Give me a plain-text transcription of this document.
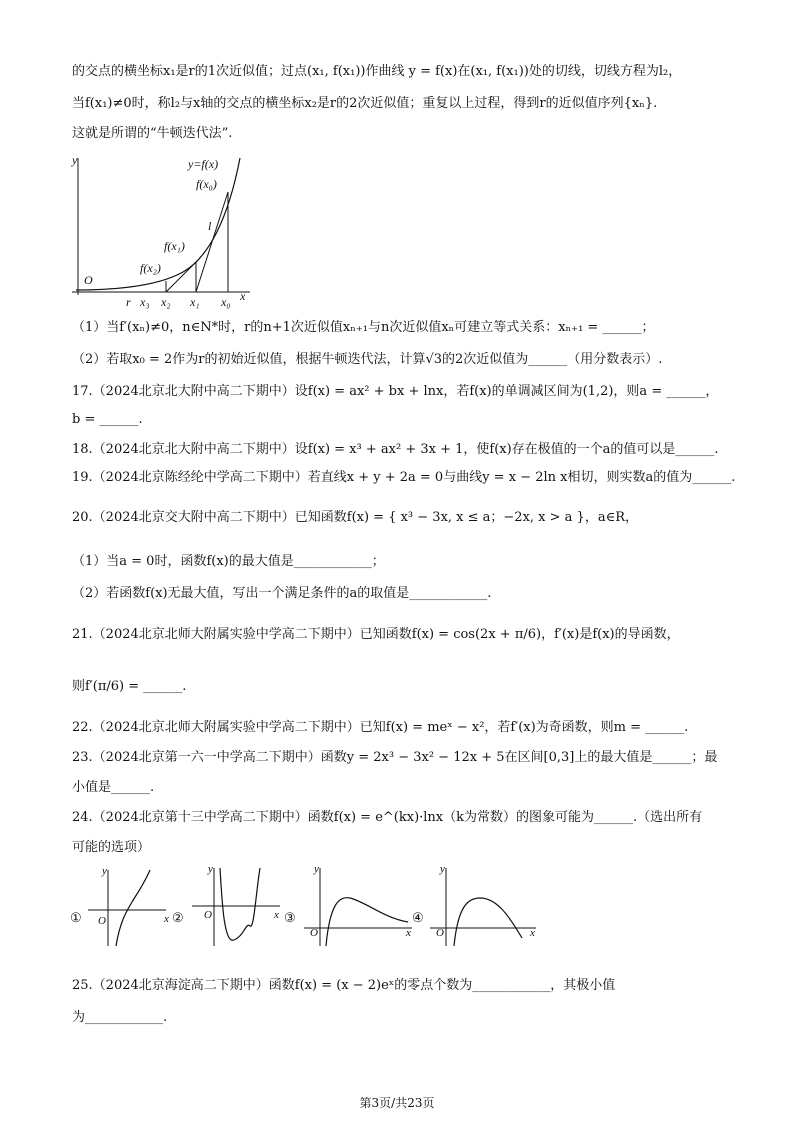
的交点的横坐标x₁是r的1次近似值；过点(x₁, f(x₁))作曲线 y = f(x)在(x₁, f(x₁))处的切线，切线方程为l₂，
当f(x₁)≠0时，称l₂与x轴的交点的横坐标x₂是r的2次近似值；重复以上过程，得到r的近似值序列{xₙ}.
这就是所谓的“牛顿迭代法”.
y
x
O
y=f(x)
f(x₀)
f(x₁)
f(x₂)
l
r x₃ x₂ x₁ x₀
（1）当f′(xₙ)≠0，n∈N*时，r的n+1次近似值xₙ₊₁与n次近似值xₙ可建立等式关系：xₙ₊₁ = ______；
（2）若取x₀ = 2作为r的初始近似值，根据牛顿迭代法，计算√3的2次近似值为______（用分数表示）.
17.（2024北京北大附中高二下期中）设f(x) = ax² + bx + lnx，若f(x)的单调减区间为(1,2)，则a = ______，
b = ______.
18.（2024北京北大附中高二下期中）设f(x) = x³ + ax² + 3x + 1，使f(x)存在极值的一个a的值可以是______.
19.（2024北京陈经纶中学高二下期中）若直线x + y + 2a = 0与曲线y = x − 2ln x相切，则实数a的值为______.
20.（2024北京交大附中高二下期中）已知函数f(x) = { x³ − 3x, x ≤ a；−2x, x > a }，a∈R，
（1）当a = 0时，函数f(x)的最大值是____________；
（2）若函数f(x)无最大值，写出一个满足条件的a的取值是____________.
21.（2024北京北师大附属实验中学高二下期中）已知函数f(x) = cos(2x + π/6)，f′(x)是f(x)的导函数，
则f′(π/6) = ______.
22.（2024北京北师大附属实验中学高二下期中）已知f(x) = meˣ − x²，若f′(x)为奇函数，则m = ______.
23.（2024北京第一六一中学高二下期中）函数y = 2x³ − 3x² − 12x + 5在区间[0,3]上的最大值是______；最
小值是______.
24.（2024北京第十三中学高二下期中）函数f(x) = e^(kx)·lnx（k为常数）的图象可能为______.（选出所有
可能的选项）
①
y
x
O	②
y
x
O	③
y
x
O
④
y
x
O
25.（2024北京海淀高二下期中）函数f(x) = (x − 2)eˣ的零点个数为____________，其极小值
为____________.
第3页/共23页
